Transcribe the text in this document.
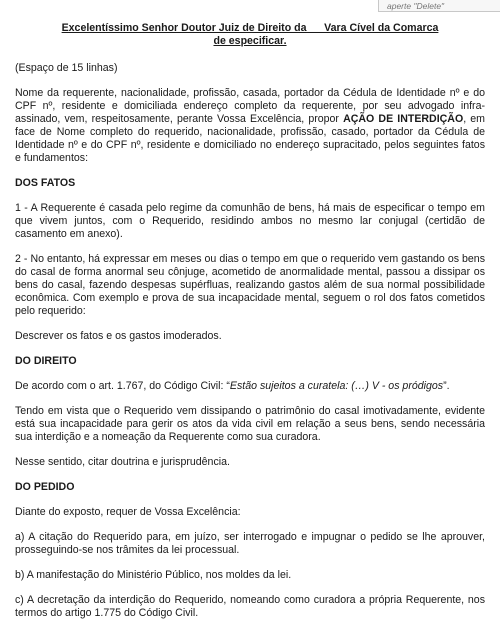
aperte "Delete"
Excelentíssimo Senhor Doutor Juiz de Direito da __ Vara Cível da Comarca
de especificar.

(Espaço de 15 linhas)

Nome da requerente, nacionalidade, profissão, casada, portador da Cédula de Identidade nº e do CPF nº, residente e domiciliada endereço completo da requerente, por seu advogado infra-assinado, vem, respeitosamente, perante Vossa Excelência, propor AÇÃO DE INTERDIÇÃO, em face de Nome completo do requerido, nacionalidade, profissão, casado, portador da Cédula de Identidade nº e do CPF nº, residente e domiciliado no endereço supracitado, pelos seguintes fatos e fundamentos:

DOS FATOS

1 - A Requerente é casada pelo regime da comunhão de bens, há mais de especificar o tempo em que vivem juntos, com o Requerido, residindo ambos no mesmo lar conjugal (certidão de casamento em anexo).

2 - No entanto, há expressar em meses ou dias o tempo em que o requerido vem gastando os bens do casal de forma anormal seu cônjuge, acometido de anormalidade mental, passou a dissipar os bens do casal, fazendo despesas supérfluas, realizando gastos além de sua normal possibilidade econômica. Com exemplo e prova de sua incapacidade mental, seguem o rol dos fatos cometidos pelo requerido:

Descrever os fatos e os gastos imoderados.

DO DIREITO

De acordo com o art. 1.767, do Código Civil: “Estão sujeitos a curatela: (…) V - os pródigos”.

Tendo em vista que o Requerido vem dissipando o patrimônio do casal imotivadamente, evidente está sua incapacidade para gerir os atos da vida civil em relação a seus bens, sendo necessária sua interdição e a nomeação da Requerente como sua curadora.

Nesse sentido, citar doutrina e jurisprudência.

DO PEDIDO

Diante do exposto, requer de Vossa Excelência:

a) A citação do Requerido para, em juízo, ser interrogado e impugnar o pedido se lhe aprouver, prosseguindo-se nos trâmites da lei processual.

b) A manifestação do Ministério Público, nos moldes da lei.

c) A decretação da interdição do Requerido, nomeando como curadora a própria Requerente, nos termos do artigo 1.775 do Código Civil.
